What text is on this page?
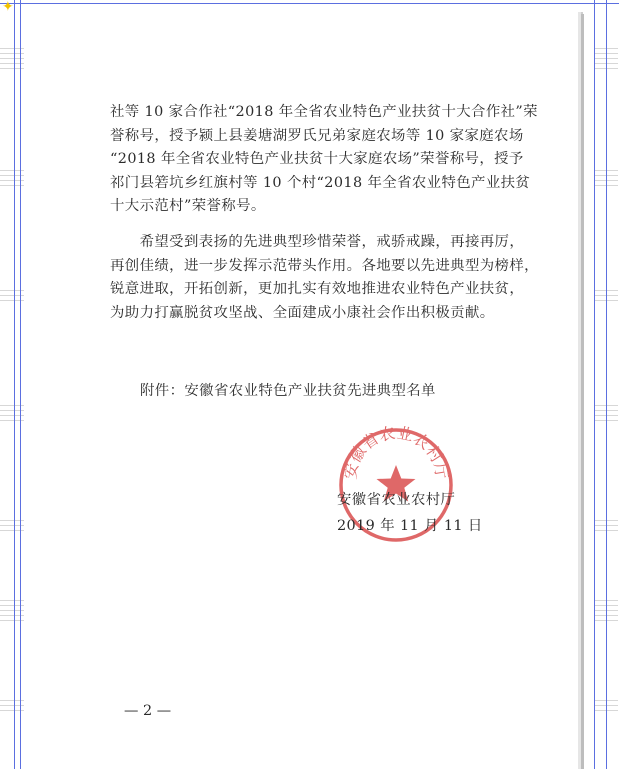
✦

社等 10 家合作社“2018 年全省农业特色产业扶贫十大合作社”荣
誉称号，授予颍上县姜塘湖罗氏兄弟家庭农场等 10 家家庭农场
“2018 年全省农业特色产业扶贫十大家庭农场”荣誉称号，授予
祁门县箬坑乡红旗村等 10 个村“2018 年全省农业特色产业扶贫
十大示范村”荣誉称号。

　　希望受到表扬的先进典型珍惜荣誉，戒骄戒躁，再接再厉，
再创佳绩，进一步发挥示范带头作用。各地要以先进典型为榜样，
锐意进取，开拓创新，更加扎实有效地推进农业特色产业扶贫，
为助力打赢脱贫攻坚战、全面建成小康社会作出积极贡献。

附件：安徽省农业特色产业扶贫先进典型名单
安徽省农业农村厅
安徽省农业农村厅
2019 年 11 月 11 日
— 2 —
